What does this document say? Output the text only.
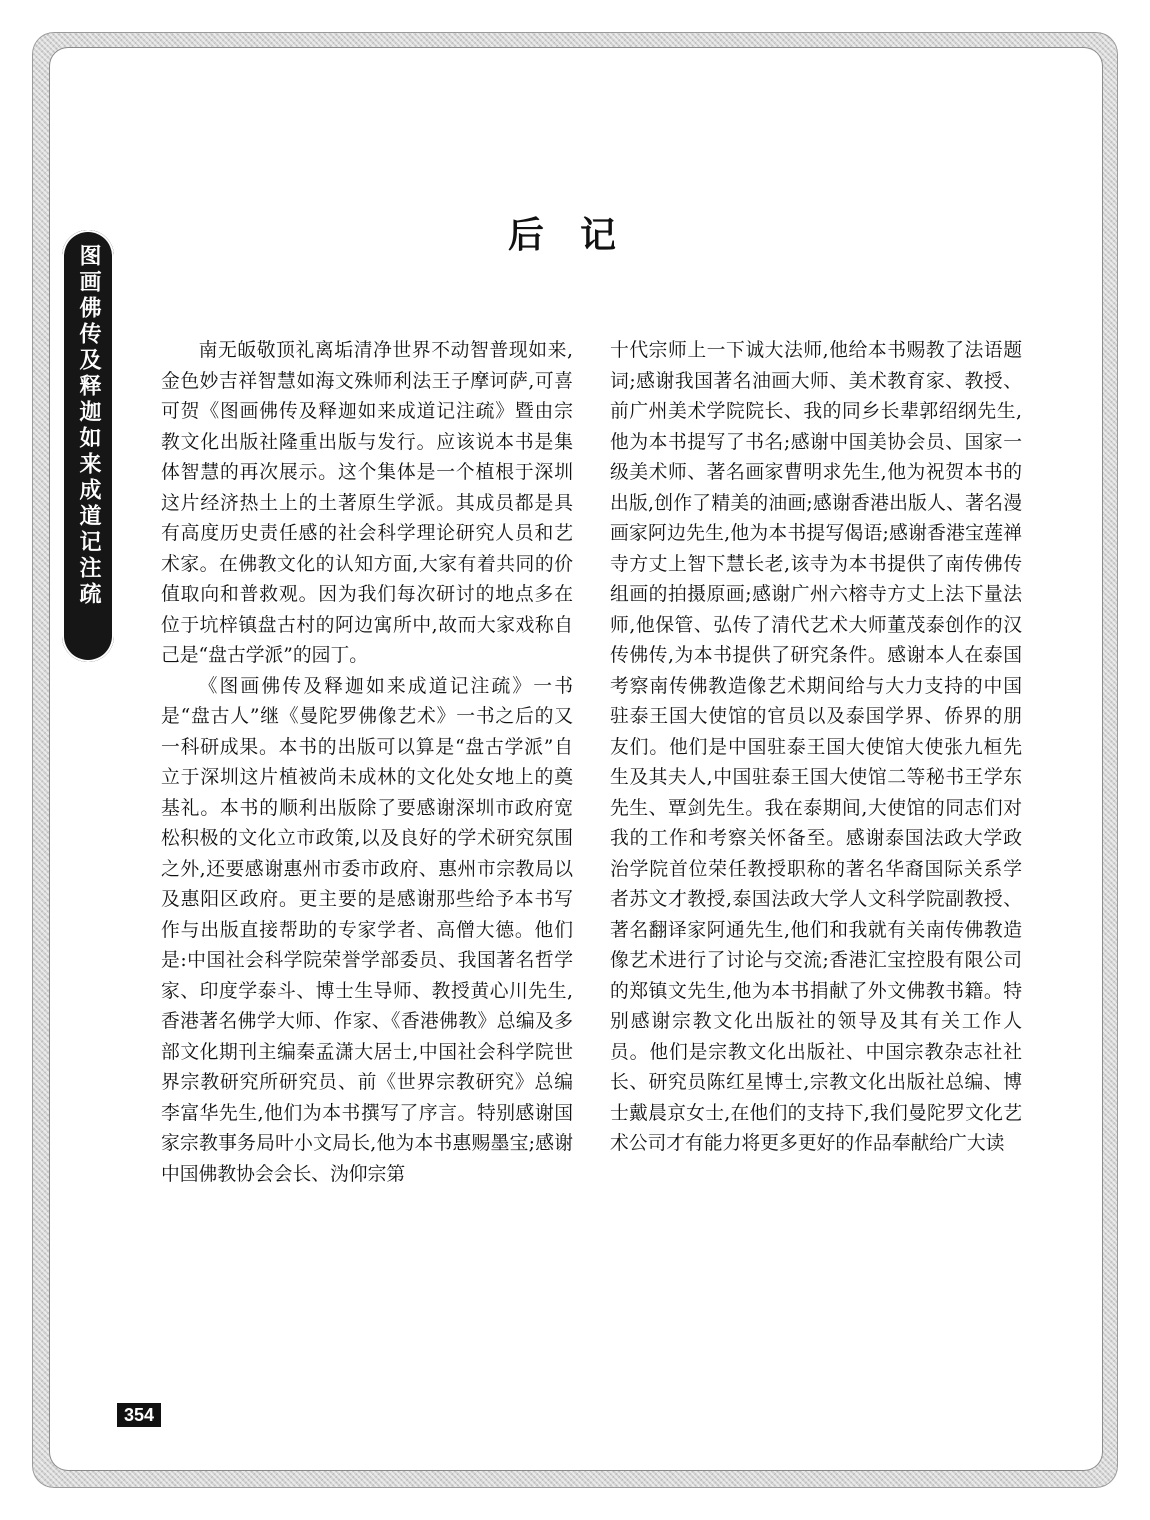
图画佛传及释迦如来成道记注疏
后记

南无皈敬顶礼离垢清净世界不动智普现如来,金色妙吉祥智慧如海文殊师利法王子摩诃萨,可喜可贺《图画佛传及释迦如来成道记注疏》暨由宗教文化出版社隆重出版与发行。应该说本书是集体智慧的再次展示。这个集体是一个植根于深圳这片经济热土上的土著原生学派。其成员都是具有高度历史责任感的社会科学理论研究人员和艺术家。在佛教文化的认知方面,大家有着共同的价值取向和普救观。因为我们每次研讨的地点多在位于坑梓镇盘古村的阿边寓所中,故而大家戏称自己是“盘古学派”的园丁。

《图画佛传及释迦如来成道记注疏》一书是“盘古人”继《曼陀罗佛像艺术》一书之后的又一科研成果。本书的出版可以算是“盘古学派”自立于深圳这片植被尚未成林的文化处女地上的奠基礼。本书的顺利出版除了要感谢深圳市政府宽松积极的文化立市政策,以及良好的学术研究氛围之外,还要感谢惠州市委市政府、惠州市宗教局以及惠阳区政府。更主要的是感谢那些给予本书写作与出版直接帮助的专家学者、高僧大德。他们是:中国社会科学院荣誉学部委员、我国著名哲学家、印度学泰斗、博士生导师、教授黄心川先生,香港著名佛学大师、作家、《香港佛教》总编及多部文化期刊主编秦孟潇大居士,中国社会科学院世界宗教研究所研究员、前《世界宗教研究》总编李富华先生,他们为本书撰写了序言。特别感谢国家宗教事务局叶小文局长,他为本书惠赐墨宝;感谢中国佛教协会会长、沩仰宗第

十代宗师上一下诚大法师,他给本书赐教了法语题词;感谢我国著名油画大师、美术教育家、教授、前广州美术学院院长、我的同乡长辈郭绍纲先生,他为本书提写了书名;感谢中国美协会员、国家一级美术师、著名画家曹明求先生,他为祝贺本书的出版,创作了精美的油画;感谢香港出版人、著名漫画家阿边先生,他为本书提写偈语;感谢香港宝莲禅寺方丈上智下慧长老,该寺为本书提供了南传佛传组画的拍摄原画;感谢广州六榕寺方丈上法下量法师,他保管、弘传了清代艺术大师董茂泰创作的汉传佛传,为本书提供了研究条件。感谢本人在泰国考察南传佛教造像艺术期间给与大力支持的中国驻泰王国大使馆的官员以及泰国学界、侨界的朋友们。他们是中国驻泰王国大使馆大使张九桓先生及其夫人,中国驻泰王国大使馆二等秘书王学东先生、覃剑先生。我在泰期间,大使馆的同志们对我的工作和考察关怀备至。感谢泰国法政大学政治学院首位荣任教授职称的著名华裔国际关系学者苏文才教授,泰国法政大学人文科学院副教授、著名翻译家阿通先生,他们和我就有关南传佛教造像艺术进行了讨论与交流;香港汇宝控股有限公司的郑镇文先生,他为本书捐献了外文佛教书籍。特别感谢宗教文化出版社的领导及其有关工作人员。他们是宗教文化出版社、中国宗教杂志社社长、研究员陈红星博士,宗教文化出版社总编、博士戴晨京女士,在他们的支持下,我们曼陀罗文化艺术公司才有能力将更多更好的作品奉献给广大读

354
